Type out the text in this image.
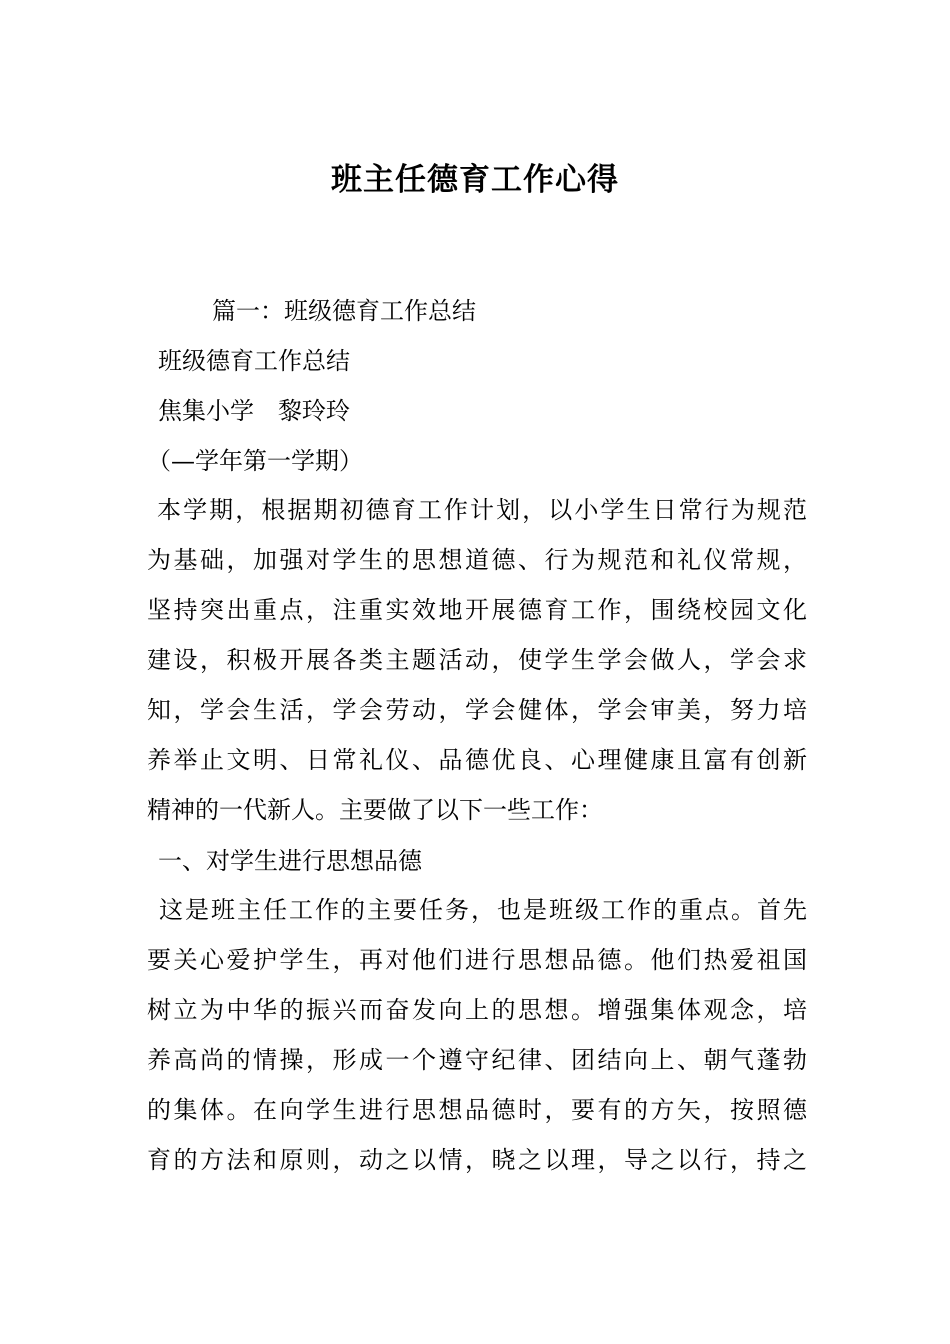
班主任德育工作心得
篇一：班级德育工作总结
班级德育工作总结
焦集小学　黎玲玲
（—学年第一学期）
本学期，根据期初德育工作计划，以小学生日常行为规范
为基础，加强对学生的思想道德、行为规范和礼仪常规，
坚持突出重点，注重实效地开展德育工作，围绕校园文化
建设，积极开展各类主题活动，使学生学会做人，学会求
知，学会生活，学会劳动，学会健体，学会审美，努力培
养举止文明、日常礼仪、品德优良、心理健康且富有创新
精神的一代新人。主要做了以下一些工作：
一、对学生进行思想品德
这是班主任工作的主要任务，也是班级工作的重点。首先
要关心爱护学生，再对他们进行思想品德。他们热爱祖国
树立为中华的振兴而奋发向上的思想。增强集体观念，培
养高尚的情操，形成一个遵守纪律、团结向上、朝气蓬勃
的集体。在向学生进行思想品德时，要有的方矢，按照德
育的方法和原则，动之以情，晓之以理，导之以行，持之
